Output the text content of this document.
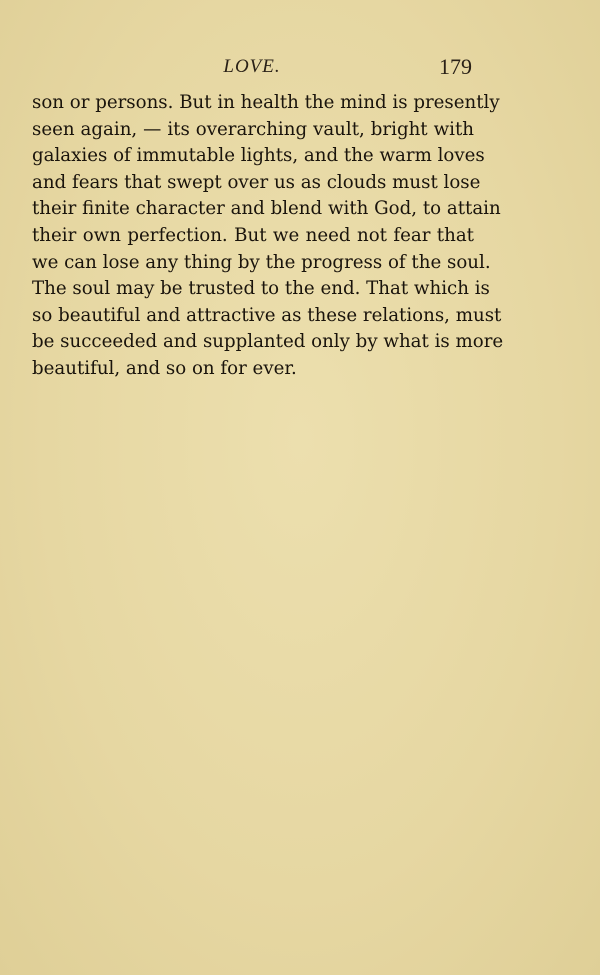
LOVE.	179

son or persons. But in health the mind is presently
seen again, — its overarching vault, bright with
galaxies of immutable lights, and the warm loves
and fears that swept over us as clouds must lose
their finite character and blend with God, to attain
their own perfection. But we need not fear that
we can lose any thing by the progress of the soul.
The soul may be trusted to the end. That which is
so beautiful and attractive as these relations, must
be succeeded and supplanted only by what is more
beautiful, and so on for ever.
